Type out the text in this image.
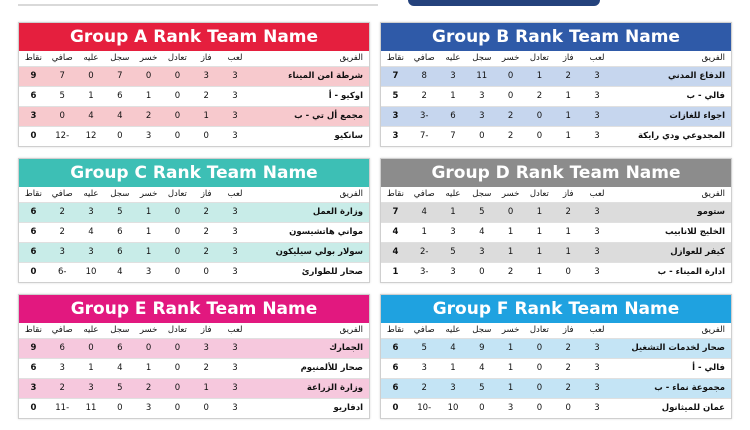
Group A Rank Team Name
الفريق	لعب	فاز	تعادل	خسر	سجل	عليه	صافي	نقاط
شرطة امن الميناء	3	3	0	0	7	0	7	9
اوكيو - أ	3	2	0	1	6	1	5	6
مجمع أل تي - ب	3	1	0	2	4	4	0	3
سانكيو	3	0	0	3	0	12	-12	0
Group B Rank Team Name
الفريق	لعب	فاز	تعادل	خسر	سجل	عليه	صافي	نقاط
الدفاع المدني	3	2	1	0	11	3	8	7
فالي - ب	3	1	2	0	3	1	2	5
اجواء للغازات	3	1	0	2	3	6	-3	3
المجدوعي ودي رايكة	3	1	0	2	0	7	-7	3
Group C Rank Team Name
الفريق	لعب	فاز	تعادل	خسر	سجل	عليه	صافي	نقاط
وزارة العمل	3	2	0	1	5	3	2	6
مواني هاتشيسون	3	2	0	1	6	4	2	6
سولار بولي سيليكون	3	2	0	1	6	3	3	6
صحار للطوارئ	3	0	0	3	4	10	-6	0
Group D Rank Team Name
الفريق	لعب	فاز	تعادل	خسر	سجل	عليه	صافي	نقاط
ستومو	3	2	1	0	5	1	4	7
الخليج للانابيب	3	1	1	1	4	3	1	4
كيفر للعوازل	3	1	1	1	3	5	-2	4
ادارة الميناء - ب	3	0	1	2	0	3	-3	1
Group E Rank Team Name
الفريق	لعب	فاز	تعادل	خسر	سجل	عليه	صافي	نقاط
الجمارك	3	3	0	0	6	0	6	9
صحار للألمنيوم	3	2	0	1	4	1	3	6
وزارة الزراعة	3	1	0	2	5	3	2	3
ادفاريو	3	0	0	3	0	11	-11	0
Group F Rank Team Name
الفريق	لعب	فاز	تعادل	خسر	سجل	عليه	صافي	نقاط
صحار لخدمات التشغيل	3	2	0	1	9	4	5	6
فالي - أ	3	2	0	1	4	1	3	6
مجموعة نماء - ب	3	2	0	1	5	3	2	6
عمان للميثانول	3	0	0	3	0	10	-10	0
